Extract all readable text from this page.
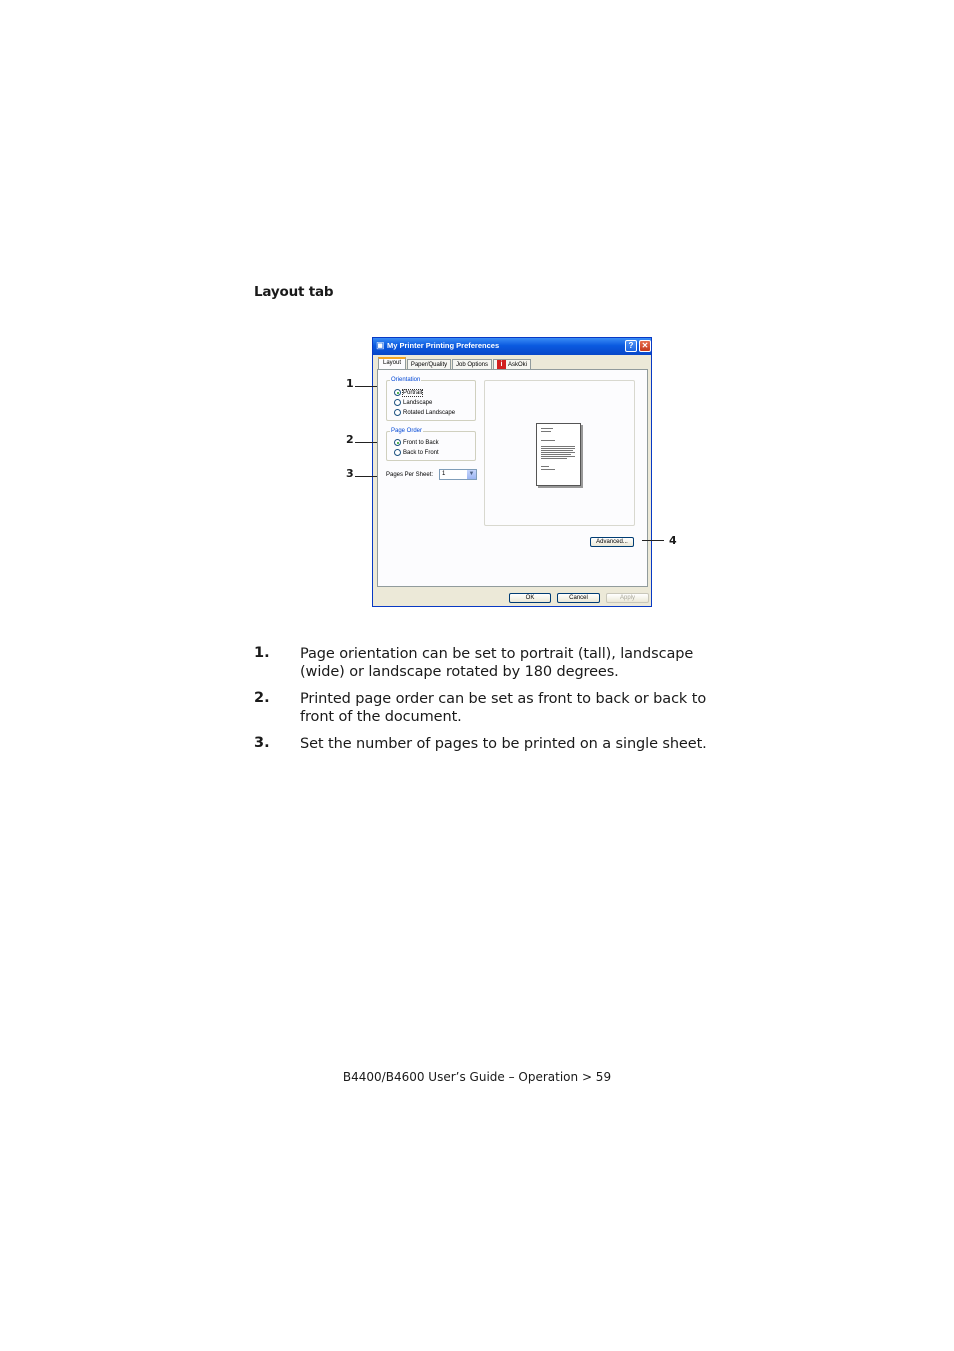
Layout tab
▣ My Printer Printing Preferences	?	✕
Layout	Paper/Quality	Job Options	i AskOki
Orientation
Portrait
Landscape
Rotated Landscape
Page Order
Front to Back
Back to Front
Pages Per Sheet:	1	▼
Advanced...
OK	Cancel	Apply
1
2
3
4
1. Page orientation can be set to portrait (tall), landscape (wide) or landscape rotated by 180 degrees.
2. Printed page order can be set as front to back or back to front of the document.
3. Set the number of pages to be printed on a single sheet.
B4400/B4600 User’s Guide – Operation > 59
